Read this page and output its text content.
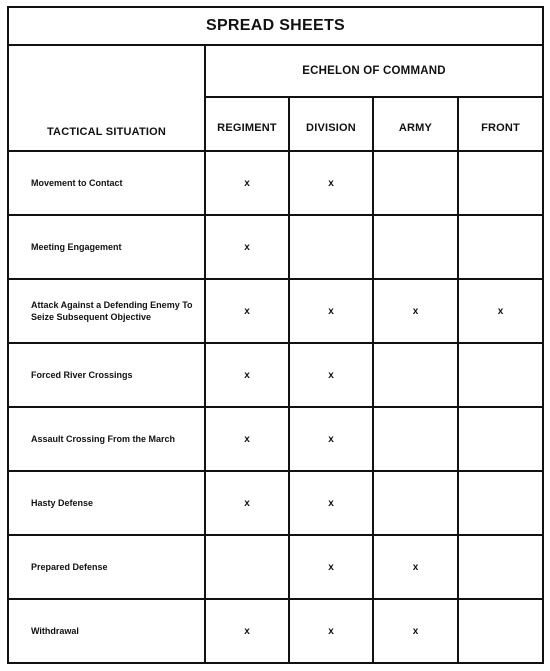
SPREAD SHEETS				
TACTICAL SITUATION	ECHELON OF COMMAND			
	REGIMENT	DIVISION	ARMY	FRONT
Movement to Contact	x	x		
Meeting Engagement	x			
Attack Against a Defending Enemy To Seize Subsequent Objective	x	x	x	x
Forced River Crossings	x	x		
Assault Crossing From the March	x	x		
Hasty Defense	x	x		
Prepared Defense		x	x	
Withdrawal	x	x	x	
